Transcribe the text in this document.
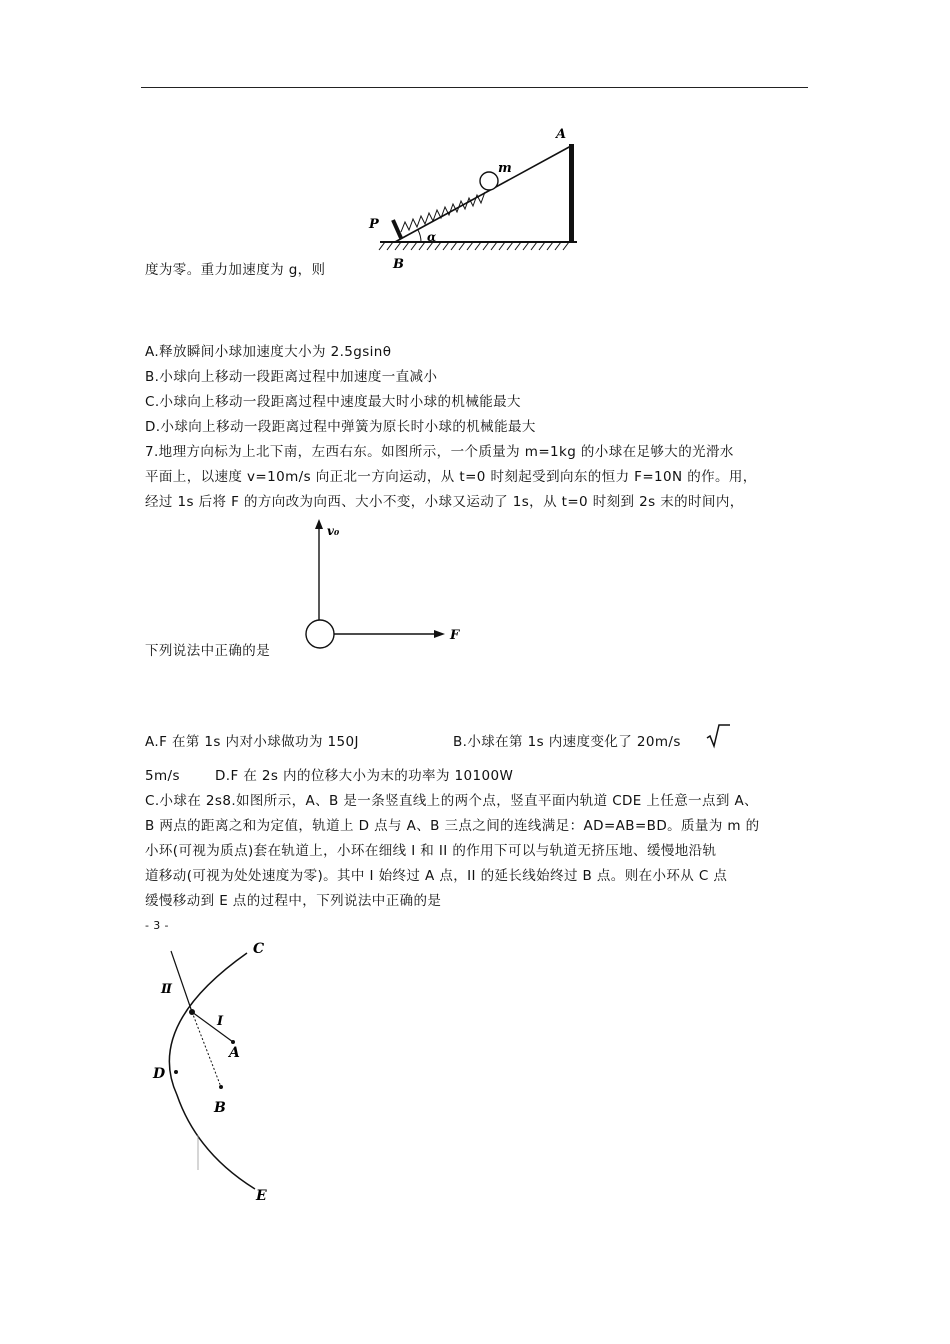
A
m
P
B
α
度为零。重力加速度为 g，则
A.释放瞬间小球加速度大小为 2.5gsinθ
B.小球向上移动一段距离过程中加速度一直减小
C.小球向上移动一段距离过程中速度最大时小球的机械能最大
D.小球向上移动一段距离过程中弹簧为原长时小球的机械能最大
7.地理方向标为上北下南，左西右东。如图所示，一个质量为 m=1kg 的小球在足够大的光滑水
平面上，以速度 v=10m/s 向正北一方向运动，从 t=0 时刻起受到向东的恒力 F=10N 的作。用，
经过 1s 后将 F 的方向改为向西、大小不变，小球又运动了 1s，从 t=0 时刻到 2s 末的时间内，
v₀
F
下列说法中正确的是
A.F 在第 1s 内对小球做功为 150J	B.小球在第 1s 内速度变化了 20m/s
5m/s	D.F 在 2s 内的位移大小为末的功率为 10100W
C.小球在 2s8.如图所示，A、B 是一条竖直线上的两个点，竖直平面内轨道 CDE 上任意一点到 A、
B 两点的距离之和为定值，轨道上 D 点与 A、B 三点之间的连线满足：AD=AB=BD。质量为 m 的
小环(可视为质点)套在轨道上，小环在细线 I 和 II 的作用下可以与轨道无挤压地、缓慢地沿轨
道移动(可视为处处速度为零)。其中 I 始终过 A 点，II 的延长线始终过 B 点。则在小环从 C 点
缓慢移动到 E 点的过程中，下列说法中正确的是
- 3 -
C
Ⅱ
Ⅰ
A
D
B
E
